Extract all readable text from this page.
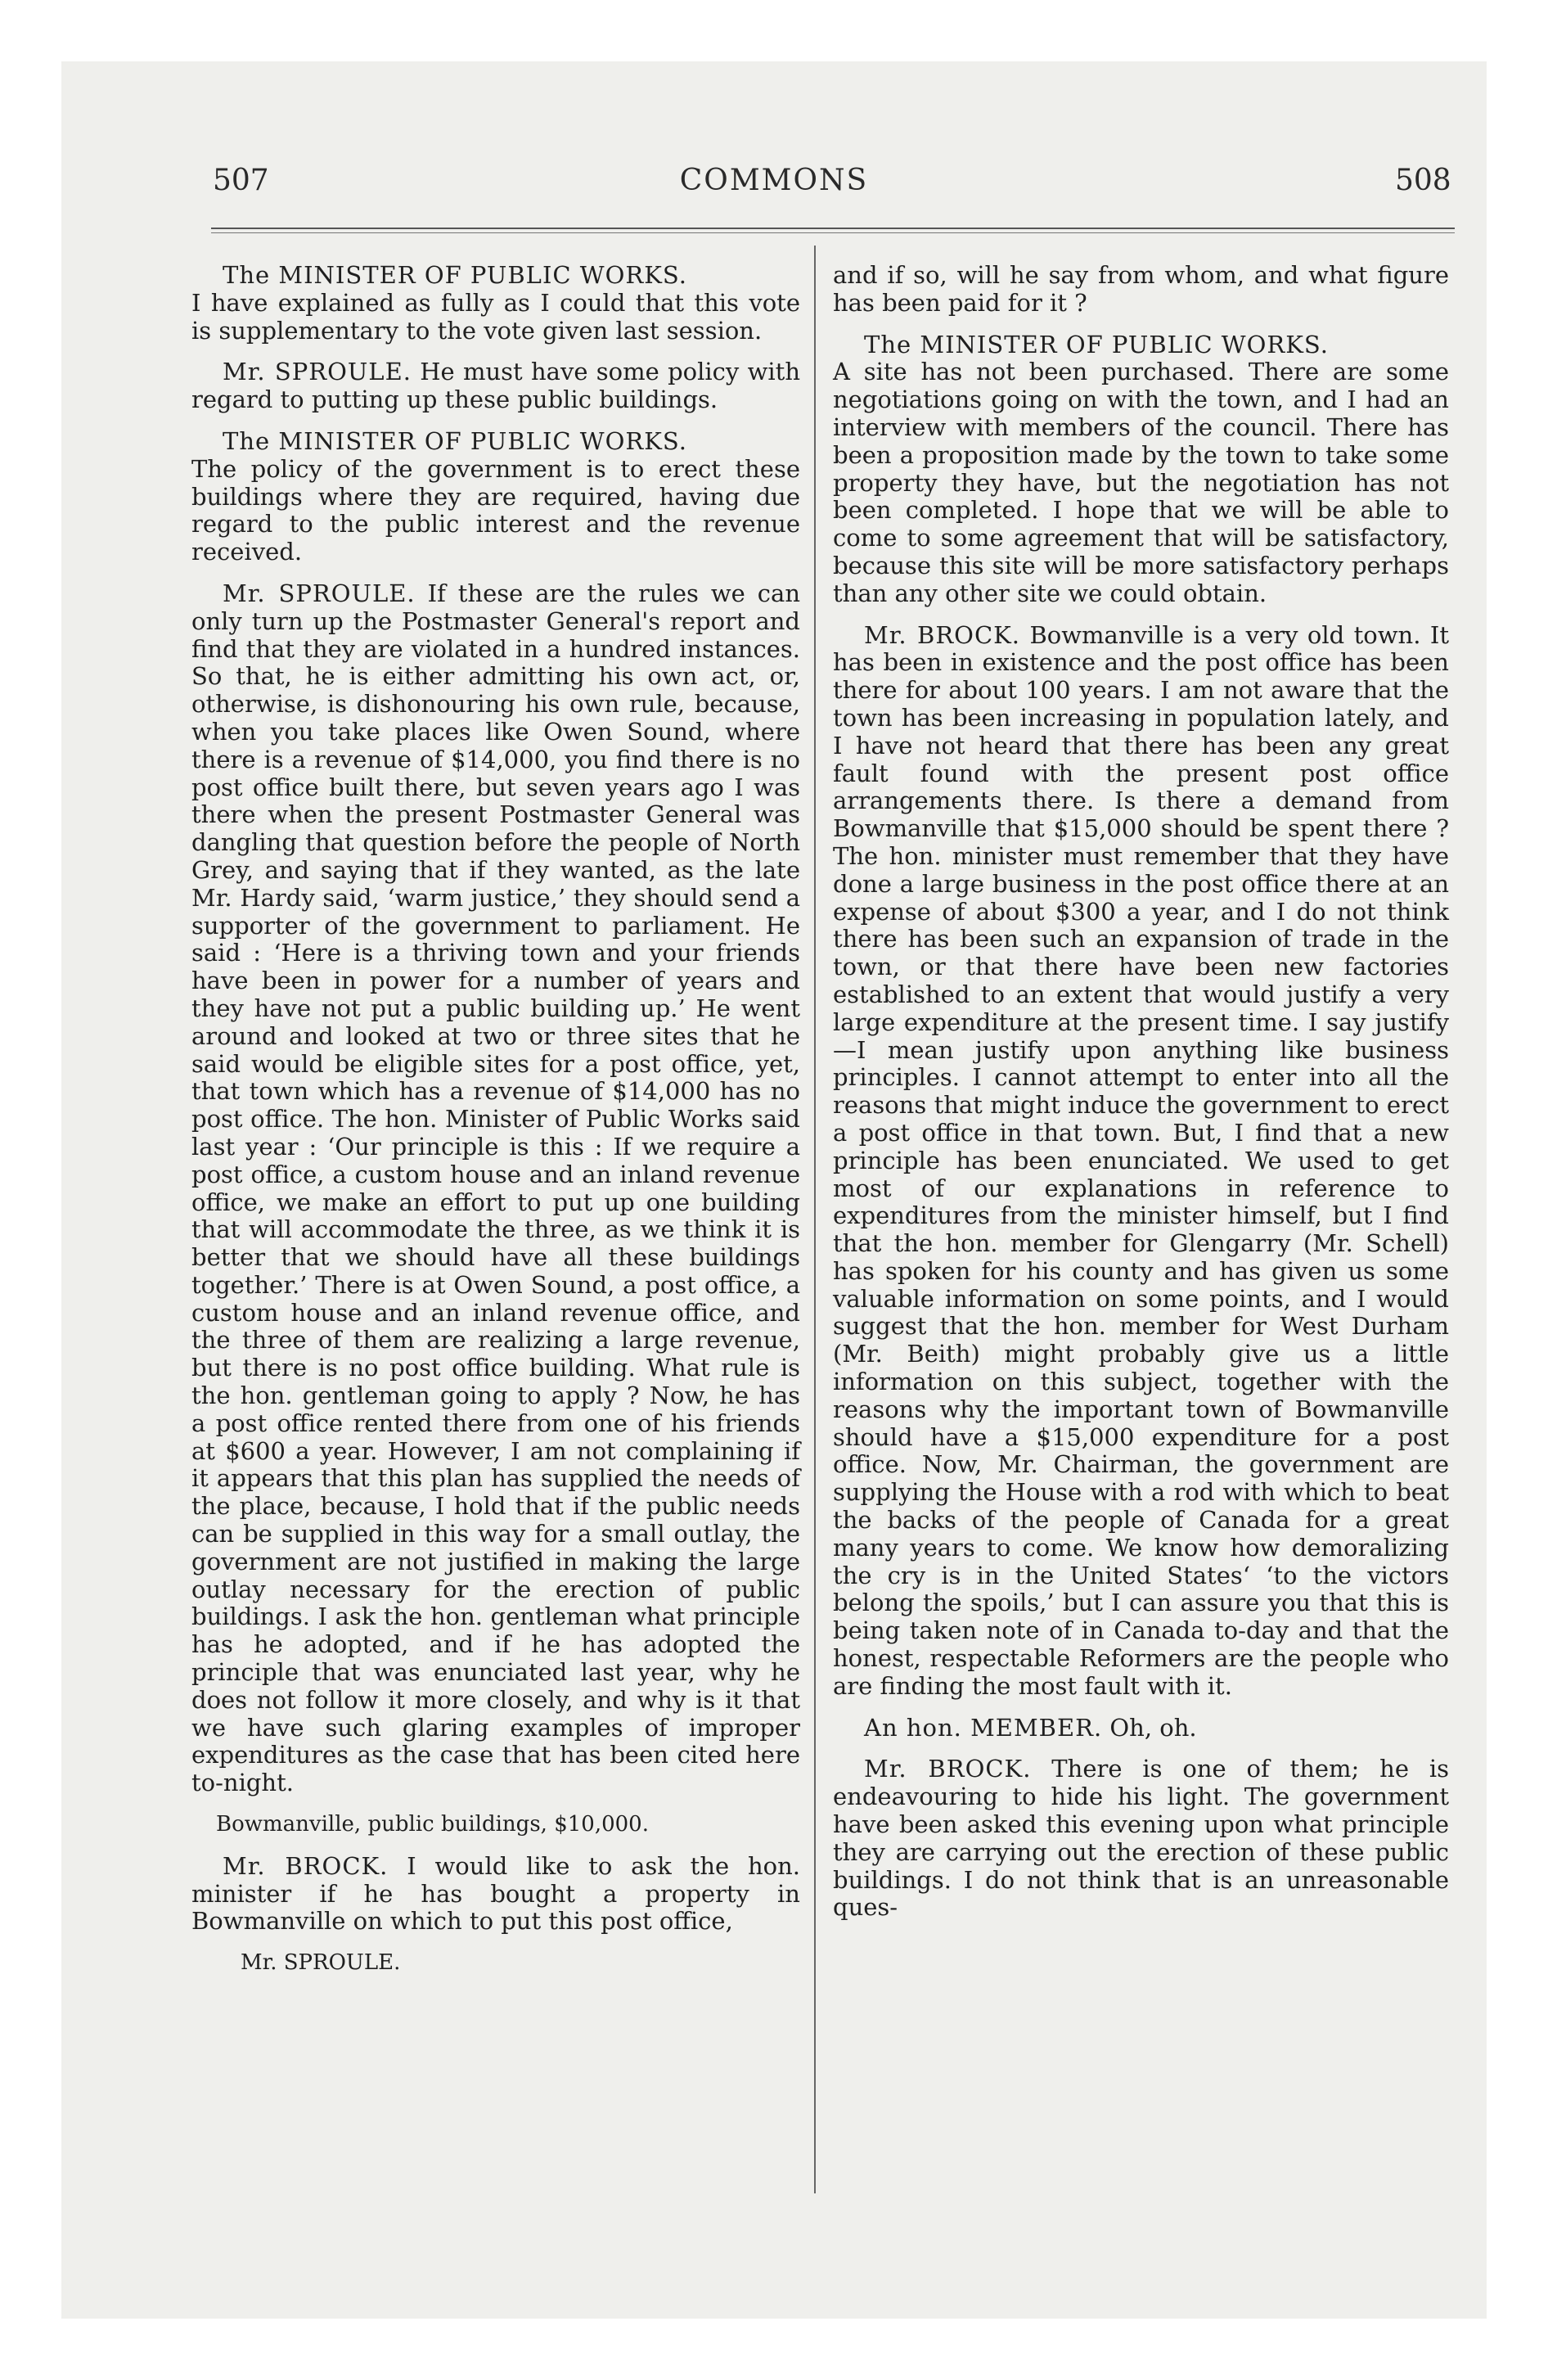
507	COMMONS	508

The MINISTER OF PUBLIC WORKS.
I have explained as fully as I could that this vote is supplementary to the vote given last session.

Mr. SPROULE. He must have some policy with regard to putting up these public buildings.

The MINISTER OF PUBLIC WORKS.
The policy of the government is to erect these buildings where they are required, having due regard to the public interest and the revenue received.

Mr. SPROULE. If these are the rules we can only turn up the Postmaster General's report and find that they are violated in a hundred instances. So that, he is either admitting his own act, or, otherwise, is dishonouring his own rule, because, when you take places like Owen Sound, where there is a revenue of $14,000, you find there is no post office built there, but seven years ago I was there when the present Postmaster General was dangling that question before the people of North Grey, and saying that if they wanted, as the late Mr. Hardy said, ‘warm justice,’ they should send a supporter of the government to parliament. He said : ‘Here is a thriving town and your friends have been in power for a number of years and they have not put a public building up.’ He went around and looked at two or three sites that he said would be eligible sites for a post office, yet, that town which has a revenue of $14,000 has no post office. The hon. Minister of Public Works said last year : ‘Our principle is this : If we require a post office, a custom house and an inland revenue office, we make an effort to put up one building that will accommodate the three, as we think it is better that we should have all these buildings together.’ There is at Owen Sound, a post office, a custom house and an inland revenue office, and the three of them are realizing a large revenue, but there is no post office building. What rule is the hon. gentleman going to apply ? Now, he has a post office rented there from one of his friends at $600 a year. However, I am not complaining if it appears that this plan has supplied the needs of the place, because, I hold that if the public needs can be supplied in this way for a small outlay, the government are not justified in making the large outlay necessary for the erection of public buildings. I ask the hon. gentleman what principle has he adopted, and if he has adopted the principle that was enunciated last year, why he does not follow it more closely, and why is it that we have such glaring examples of improper expenditures as the case that has been cited here to-night.

Bowmanville, public buildings, $10,000.

Mr. BROCK. I would like to ask the hon. minister if he has bought a property in Bowmanville on which to put this post office,

Mr. SPROULE.

and if so, will he say from whom, and what figure has been paid for it ?

The MINISTER OF PUBLIC WORKS.
A site has not been purchased. There are some negotiations going on with the town, and I had an interview with members of the council. There has been a proposition made by the town to take some property they have, but the negotiation has not been completed. I hope that we will be able to come to some agreement that will be satisfactory, because this site will be more satisfactory perhaps than any other site we could obtain.

Mr. BROCK. Bowmanville is a very old town. It has been in existence and the post office has been there for about 100 years. I am not aware that the town has been increasing in population lately, and I have not heard that there has been any great fault found with the present post office arrangements there. Is there a demand from Bowmanville that $15,000 should be spent there ? The hon. minister must remember that they have done a large business in the post office there at an expense of about $300 a year, and I do not think there has been such an expansion of trade in the town, or that there have been new factories established to an extent that would justify a very large expenditure at the present time. I say justify—I mean justify upon anything like business principles. I cannot attempt to enter into all the reasons that might induce the government to erect a post office in that town. But, I find that a new principle has been enunciated. We used to get most of our explanations in reference to expenditures from the minister himself, but I find that the hon. member for Glengarry (Mr. Schell) has spoken for his county and has given us some valuable information on some points, and I would suggest that the hon. member for West Durham (Mr. Beith) might probably give us a little information on this subject, together with the reasons why the important town of Bowmanville should have a $15,000 expenditure for a post office. Now, Mr. Chairman, the government are supplying the House with a rod with which to beat the backs of the people of Canada for a great many years to come. We know how demoralizing the cry is in the United States‘ ‘to the victors belong the spoils,’ but I can assure you that this is being taken note of in Canada to-day and that the honest, respectable Reformers are the people who are finding the most fault with it.

An hon. MEMBER. Oh, oh.

Mr. BROCK. There is one of them; he is endeavouring to hide his light. The government have been asked this evening upon what principle they are carrying out the erection of these public buildings. I do not think that is an unreasonable ques-
